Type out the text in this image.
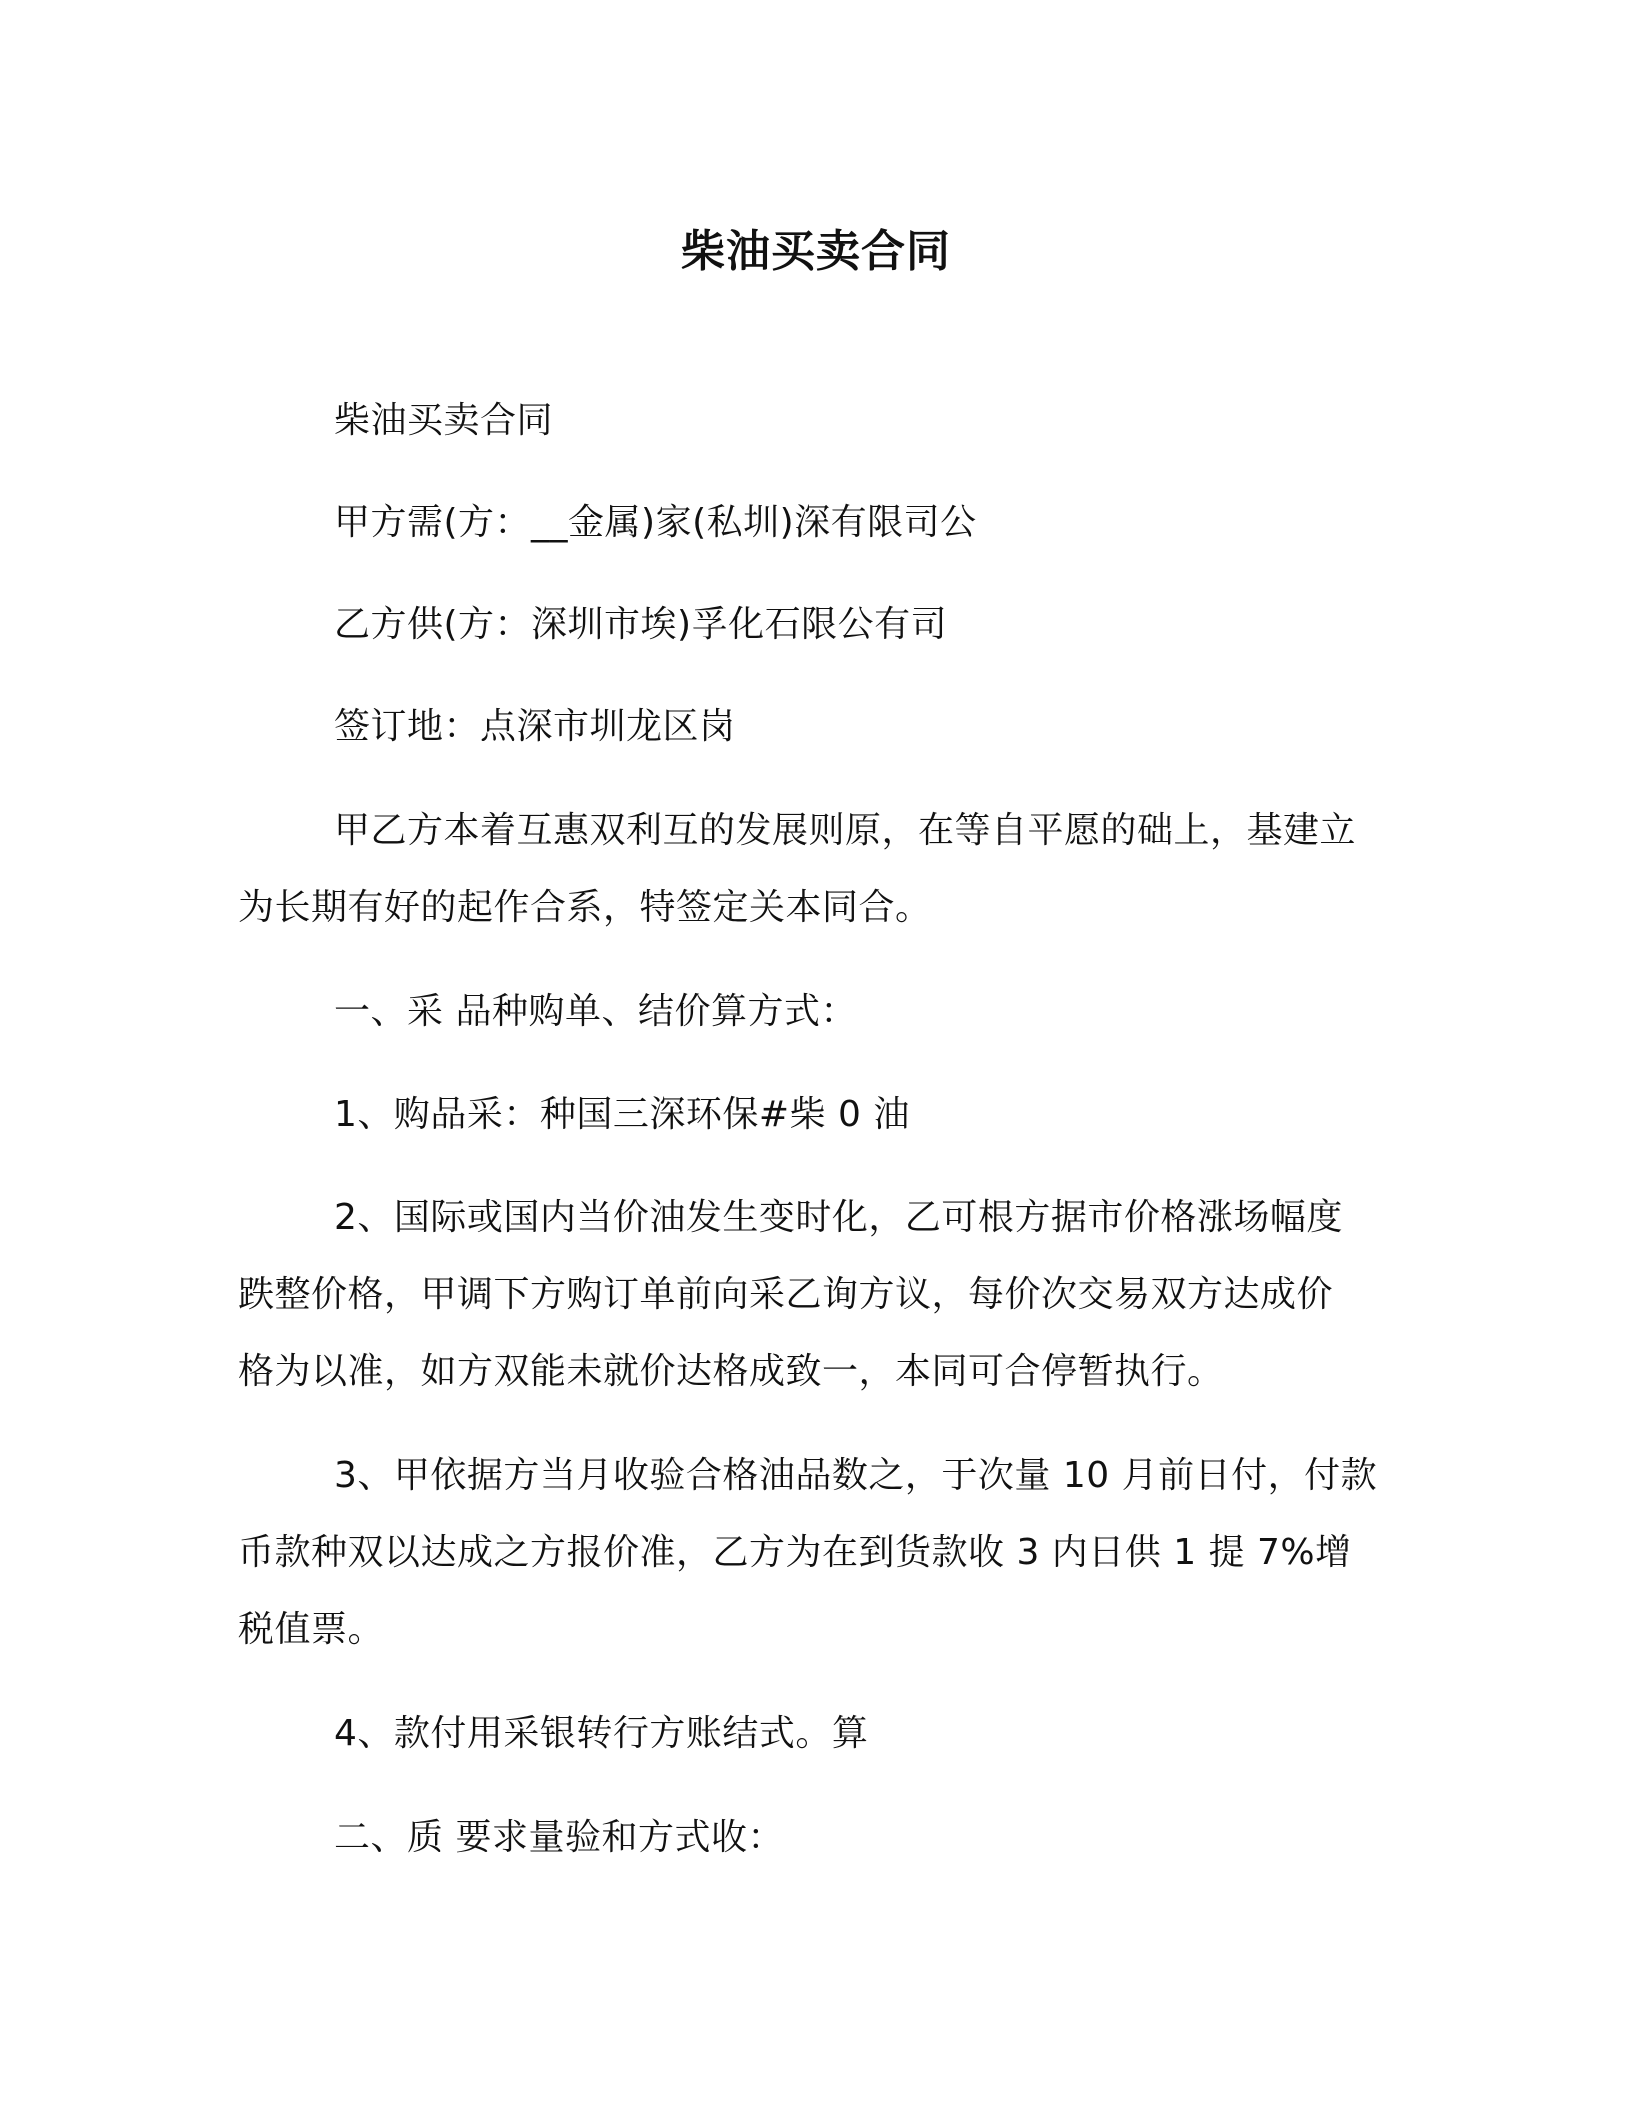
柴油买卖合同
柴油买卖合同
甲方需(方：__金属)家(私圳)深有限司公
乙方供(方：深圳市埃)孚化石限公有司
签订地：点深市圳龙区岗
甲乙方本着互惠双利互的发展则原，在等自平愿的础上，基建立
为长期有好的起作合系，特签定关本同合。
一、采 品种购单、结价算方式：
1、购品采：种国三深环保#柴 0 油
2、国际或国内当价油发生变时化，乙可根方据市价格涨场幅度
跌整价格，甲调下方购订单前向采乙询方议，每价次交易双方达成价
格为以准，如方双能未就价达格成致一，本同可合停暂执行。
3、甲依据方当月收验合格油品数之，于次量 10 月前日付，付款
币款种双以达成之方报价准，乙方为在到货款收 3 内日供 1 提 7%增
税值票。
4、款付用采银转行方账结式。算
二、质 要求量验和方式收：
